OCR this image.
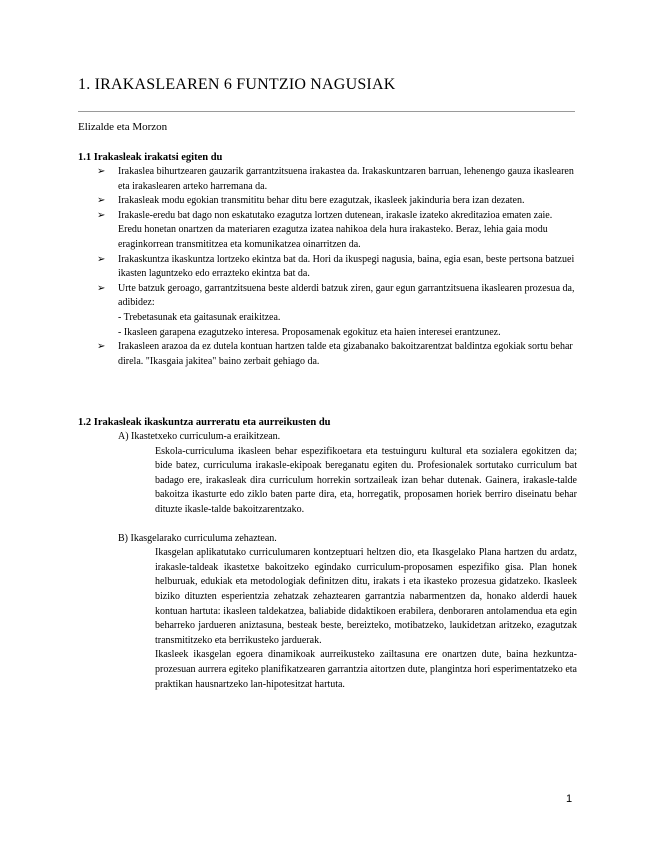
1. IRAKASLEAREN 6 FUNTZIO NAGUSIAK
Elizalde eta Morzon

1.1 Irakasleak irakatsi egiten du

➢ Irakaslea bihurtzearen gauzarik garrantzitsuena irakastea da. Irakaskuntzaren barruan, lehenengo gauza ikaslearen eta irakaslearen arteko harremana da.
➢ Irakasleak modu egokian transmititu behar ditu bere ezagutzak, ikasleek jakinduria bera izan dezaten.
➢ Irakasle-eredu bat dago non eskatutako ezagutza lortzen dutenean, irakasle izateko akreditazioa ematen zaie. Eredu honetan onartzen da materiaren ezagutza izatea nahikoa dela hura irakasteko. Beraz, lehia gaia modu eraginkorrean transmititzea eta komunikatzea oinarritzen da.
➢ Irakaskuntza ikaskuntza lortzeko ekintza bat da. Hori da ikuspegi nagusia, baina, egia esan, beste pertsona batzuei ikasten laguntzeko edo errazteko ekintza bat da.
➢ Urte batzuk geroago, garrantzitsuena beste alderdi batzuk ziren, gaur egun garrantzitsuena ikaslearen prozesua da, adibidez:
- Trebetasunak eta gaitasunak eraikitzea.
- Ikasleen garapena ezagutzeko interesa. Proposamenak egokituz eta haien interesei erantzunez.
➢ Irakasleen arazoa da ez dutela kontuan hartzen talde eta gizabanako bakoitzarentzat baldintza egokiak sortu behar direla. "Ikasgaia jakitea" baino zerbait gehiago da.

1.2 Irakasleak ikaskuntza aurreratu eta aurreikusten du

A) Ikastetxeko curriculum-a eraikitzean.
Eskola-curriculuma ikasleen behar espezifikoetara eta testuinguru kultural eta sozialera egokitzen da; bide batez, curriculuma irakasle-ekipoak bereganatu egiten du. Profesionalek sortutako curriculum bat badago ere, irakasleak dira curriculum horrekin sortzaileak izan behar dutenak. Gainera, irakasle-talde bakoitza ikasturte edo ziklo baten parte dira, eta, horregatik, proposamen horiek berriro diseinatu behar dituzte ikasle-talde bakoitzarentzako.
B) Ikasgelarako curriculuma zehaztean.
Ikasgelan aplikatutako curriculumaren kontzeptuari heltzen dio, eta Ikasgelako Plana hartzen du ardatz, irakasle-taldeak ikastetxe bakoitzeko egindako curriculum-proposamen espezifiko gisa. Plan honek helburuak, edukiak eta metodologiak definitzen ditu, irakats i eta ikasteko prozesua gidatzeko. Ikasleek biziko dituzten esperientzia zehatzak zehaztearen garrantzia nabarmentzen da, honako alderdi hauek kontuan hartuta: ikasleen taldekatzea, baliabide didaktikoen erabilera, denboraren antolamendua eta egin beharreko jardueren aniztasuna, besteak beste, bereizteko, motibatzeko, laukidetzan aritzeko, ezagutzak transmititzeko eta berrikusteko jarduerak.
Ikasleek ikasgelan egoera dinamikoak aurreikusteko zailtasuna ere onartzen dute, baina hezkuntza-prozesuan aurrera egiteko planifikatzearen garrantzia aitortzen dute, plangintza hori esperimentatzeko eta praktikan hausnartzeko lan-hipotesitzat hartuta.
1
